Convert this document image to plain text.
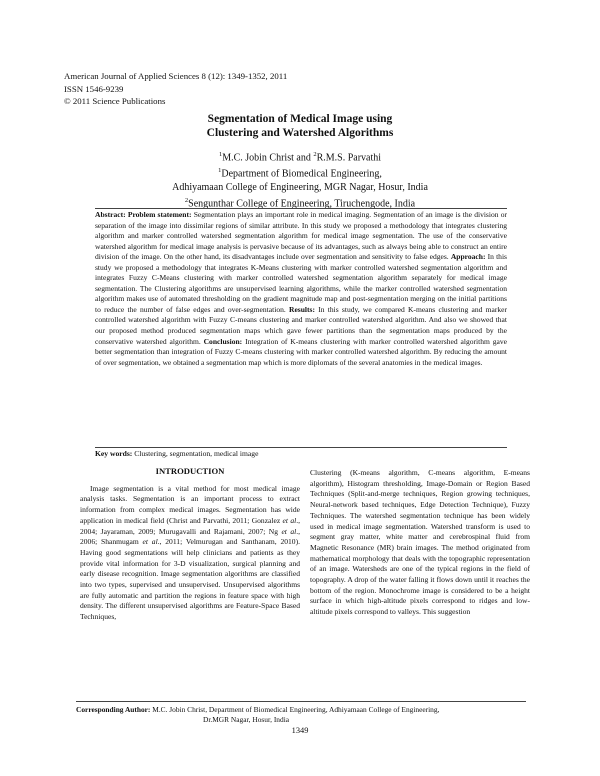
American Journal of Applied Sciences 8 (12): 1349-1352, 2011
ISSN 1546-9239
© 2011 Science Publications
Segmentation of Medical Image using
Clustering and Watershed Algorithms
$^1$M.C. Jobin Christ and $^2$R.M.S. Parvathi
$^1$Department of Biomedical Engineering,
Adhiyamaan College of Engineering, MGR Nagar, Hosur, India
$^2$Sengunthar College of Engineering, Tiruchengode, India
Abstract: Problem statement: Segmentation plays an important role in medical imaging. Segmentation of an image is the division or separation of the image into dissimilar regions of similar attribute. In this study we proposed a methodology that integrates clustering algorithm and marker controlled watershed segmentation algorithm for medical image segmentation. The use of the conservative watershed algorithm for medical image analysis is pervasive because of its advantages, such as always being able to construct an entire division of the image. On the other hand, its disadvantages include over segmentation and sensitivity to false edges. Approach: In this study we proposed a methodology that integrates K-Means clustering with marker controlled watershed segmentation algorithm and integrates Fuzzy C-Means clustering with marker controlled watershed segmentation algorithm separately for medical image segmentation. The Clustering algorithms are unsupervised learning algorithms, while the marker controlled watershed segmentation algorithm makes use of automated thresholding on the gradient magnitude map and post-segmentation merging on the initial partitions to reduce the number of false edges and over-segmentation. Results: In this study, we compared K-means clustering and marker controlled watershed algorithm with Fuzzy C-means clustering and marker controlled watershed algorithm. And also we showed that our proposed method produced segmentation maps which gave fewer partitions than the segmentation maps produced by the conservative watershed algorithm. Conclusion: Integration of K-means clustering with marker controlled watershed algorithm gave better segmentation than integration of Fuzzy C-means clustering with marker controlled watershed algorithm. By reducing the amount of over segmentation, we obtained a segmentation map which is more diplomats of the several anatomies in the medical images.
Key words: Clustering, segmentation, medical image
INTRODUCTION
Image segmentation is a vital method for most medical image analysis tasks. Segmentation is an important process to extract information from complex medical images. Segmentation has wide application in medical field (Christ and Parvathi, 2011; Gonzalez et al., 2004; Jayaraman, 2009; Murugavalli and Rajamani, 2007; Ng et al., 2006; Shanmugam et al., 2011; Velmurugan and Santhanam, 2010). Having good segmentations will help clinicians and patients as they provide vital information for 3-D visualization, surgical planning and early disease recognition. Image segmentation algorithms are classified into two types, supervised and unsupervised. Unsupervised algorithms are fully automatic and partition the regions in feature space with high density. The different unsupervised algorithms are Feature-Space Based Techniques,
Clustering (K-means algorithm, C-means algorithm, E-means algorithm), Histogram thresholding, Image-Domain or Region Based Techniques (Split-and-merge techniques, Region growing techniques, Neural-network based techniques, Edge Detection Technique), Fuzzy Techniques. The watershed segmentation technique has been widely used in medical image segmentation. Watershed transform is used to segment gray matter, white matter and cerebrospinal fluid from Magnetic Resonance (MR) brain images. The method originated from mathematical morphology that deals with the topographic representation of an image. Watersheds are one of the typical regions in the field of topography. A drop of the water falling it flows down until it reaches the bottom of the region. Monochrome image is considered to be a height surface in which high-altitude pixels correspond to ridges and low-altitude pixels correspond to valleys. This suggestion
Corresponding Author: M.C. Jobin Christ, Department of Biomedical Engineering, Adhiyamaan College of Engineering,
Dr.MGR Nagar, Hosur, India
1349
